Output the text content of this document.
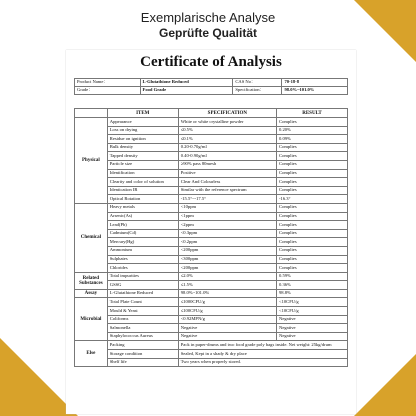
Exemplarische Analyse
Geprüfte Qualität
Certificate of Analysis
Product Name：	L-Glutathione Reduced	CAS No：	70-18-8
Grade：	Food Grade	Specification：	98.0%~101.0%
	ITEM	SPECIFICATION	RESULT
Physical	Appearance	White or white crystalline powder	Complies
	Loss on drying	≤0.5%	0.20%
	Residue on ignition	≤0.1%	0.09%
	Bulk density	0.20-0.70g/ml	Complies
	Tapped density	0.40-0.90g/ml	Complies
	Particle size	≥90% pass 80mesh	Complies
	Identification	Positive	Complies
	Clearity and color of solution	Clear And Colourless	Complies
	Identication IR	Similar with the reference spectrum	Complies
	Optical Rotation	-15.5°~-17.5°	-16.3°
Chemical	Heavy metals	<10ppm	Complies
	Arsenic(As)	<1ppm	Complies
	Lead(Pb)	<2ppm	Complies
	Cadmium(Cd)	<0.3ppm	Complies
	Mercury(Hg)	<0.2ppm	Complies
	Ammonium	<200ppm	Complies
	Sulphates	<300ppm	Complies
	Chlorides	<200ppm	Complies
Related Substances	Total impurities	≤2.0%	0.59%
	GSSG	≤1.5%	0.36%
Assay	L-Glutathione Reduced	98.0%~101.0%	98.8%
Microbial	Total Plate Count	≤1000CFU/g	<10CFU/g
	Mould & Yeast	≤100CFU/g	<10CFU/g
	Coliforms	<0.92MPN/g	Negative
	Salmonella	Negative	Negative
	Staphylococcus Aureus	Negative	Negative
Else	Packing	Pack in paper-drums and two food grade poly bags inside. Net weight: 25kg/drum	
	Storage condition	Sealed, Kept in a shady & dry place	
	Shelf life	Two years when properly stored.	
